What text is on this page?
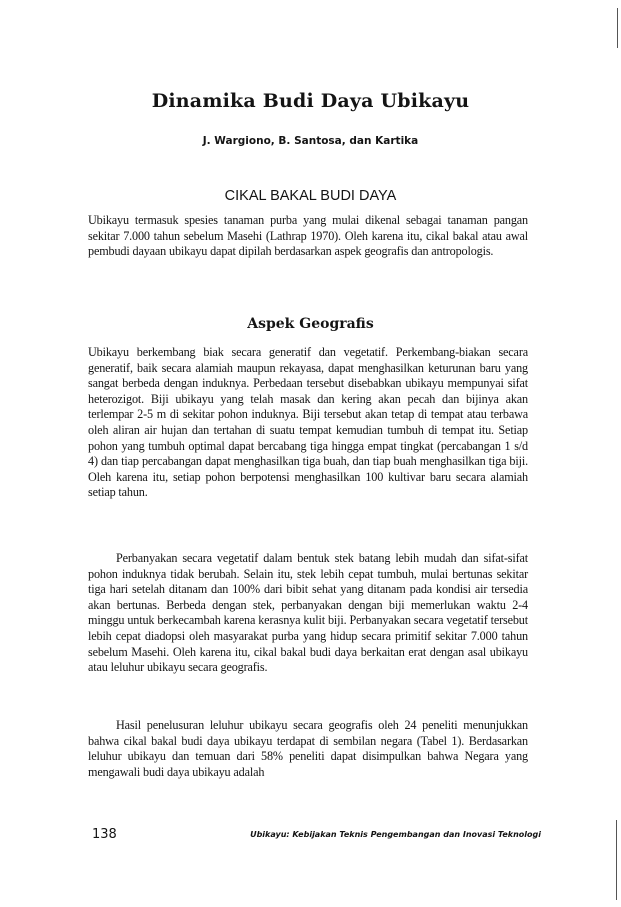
Dinamika Budi Daya Ubikayu
J. Wargiono, B. Santosa, dan Kartika
CIKAL BAKAL BUDI DAYA

Ubikayu termasuk spesies tanaman purba yang mulai dikenal sebagai tanaman pangan sekitar 7.000 tahun sebelum Masehi (Lathrap 1970). Oleh karena itu, cikal bakal atau awal pembudi dayaan ubikayu dapat dipilah berdasarkan aspek geografis dan antropologis.

Aspek Geografis

Ubikayu berkembang biak secara generatif dan vegetatif. Perkembang-biakan secara generatif, baik secara alamiah maupun rekayasa, dapat menghasilkan keturunan baru yang sangat berbeda dengan induknya. Perbedaan tersebut disebabkan ubikayu mempunyai sifat heterozigot. Biji ubikayu yang telah masak dan kering akan pecah dan bijinya akan terlempar 2-5 m di sekitar pohon induknya. Biji tersebut akan tetap di tempat atau terbawa oleh aliran air hujan dan tertahan di suatu tempat kemudian tumbuh di tempat itu. Setiap pohon yang tumbuh optimal dapat bercabang tiga hingga empat tingkat (percabangan 1 s/d 4) dan tiap percabangan dapat menghasilkan tiga buah, dan tiap buah menghasilkan tiga biji. Oleh karena itu, setiap pohon berpotensi menghasilkan 100 kultivar baru secara alamiah setiap tahun.

Perbanyakan secara vegetatif dalam bentuk stek batang lebih mudah dan sifat-sifat pohon induknya tidak berubah. Selain itu, stek lebih cepat tumbuh, mulai bertunas sekitar tiga hari setelah ditanam dan 100% dari bibit sehat yang ditanam pada kondisi air tersedia akan bertunas. Berbeda dengan stek, perbanyakan dengan biji memerlukan waktu 2-4 minggu untuk berkecambah karena kerasnya kulit biji. Perbanyakan secara vegetatif tersebut lebih cepat diadopsi oleh masyarakat purba yang hidup secara primitif sekitar 7.000 tahun sebelum Masehi. Oleh karena itu, cikal bakal budi daya berkaitan erat dengan asal ubikayu atau leluhur ubikayu secara geografis.

Hasil penelusuran leluhur ubikayu secara geografis oleh 24 peneliti menunjukkan bahwa cikal bakal budi daya ubikayu terdapat di sembilan negara (Tabel 1). Berdasarkan leluhur ubikayu dan temuan dari 58% peneliti dapat disimpulkan bahwa Negara yang mengawali budi daya ubikayu adalah

138	Ubikayu: Kebijakan Teknis Pengembangan dan Inovasi Teknologi
